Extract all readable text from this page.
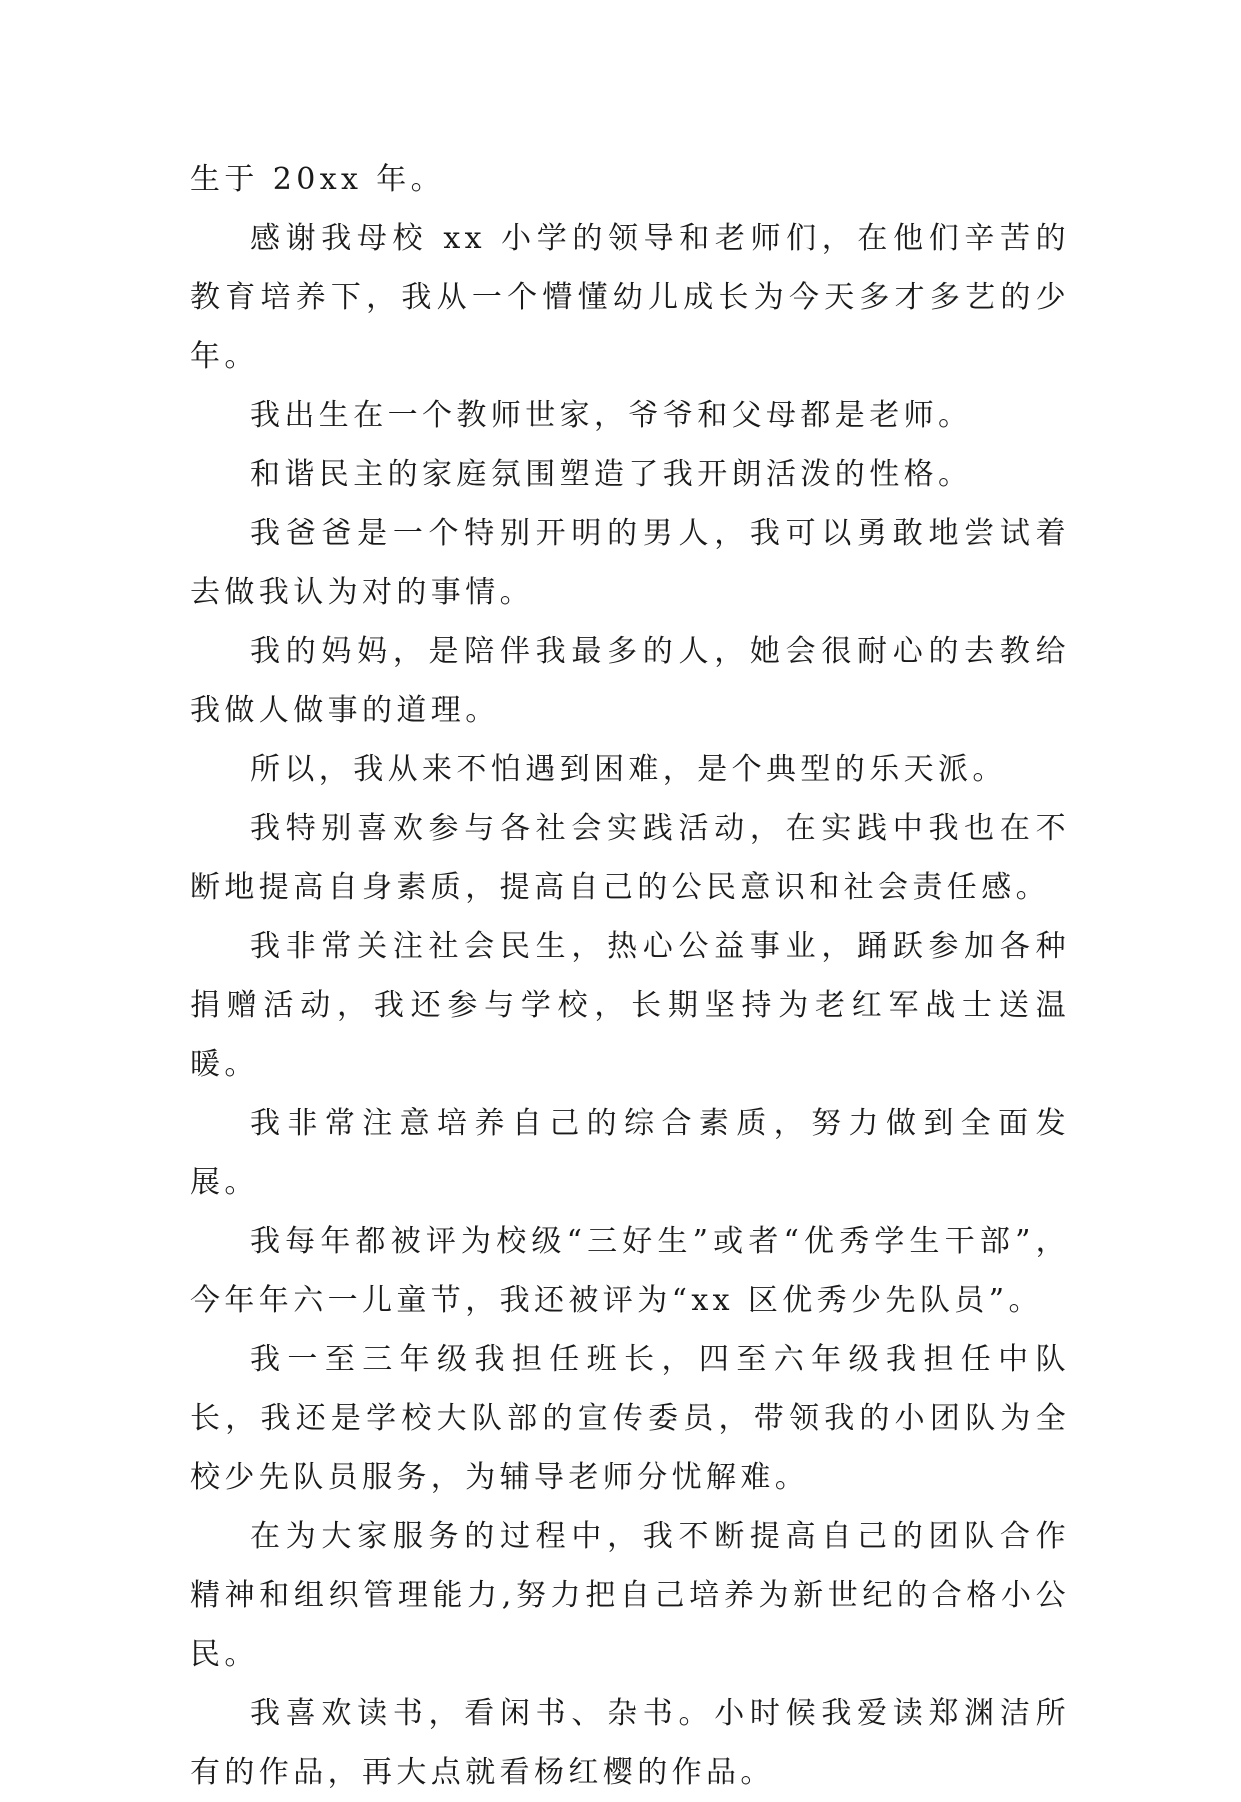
生于 20xx 年。

感谢我母校 xx 小学的领导和老师们，在他们辛苦的教育培养下，我从一个懵懂幼儿成长为今天多才多艺的少年。

我出生在一个教师世家，爷爷和父母都是老师。

和谐民主的家庭氛围塑造了我开朗活泼的性格。

我爸爸是一个特别开明的男人，我可以勇敢地尝试着去做我认为对的事情。

我的妈妈，是陪伴我最多的人，她会很耐心的去教给我做人做事的道理。

所以，我从来不怕遇到困难，是个典型的乐天派。

我特别喜欢参与各社会实践活动，在实践中我也在不断地提高自身素质，提高自己的公民意识和社会责任感。

我非常关注社会民生，热心公益事业，踊跃参加各种捐赠活动，我还参与学校，长期坚持为老红军战士送温暖。

我非常注意培养自己的综合素质，努力做到全面发展。

我每年都被评为校级“三好生”或者“优秀学生干部”，今年年六一儿童节，我还被评为“xx 区优秀少先队员”。

我一至三年级我担任班长，四至六年级我担任中队长，我还是学校大队部的宣传委员，带领我的小团队为全校少先队员服务，为辅导老师分忧解难。

在为大家服务的过程中，我不断提高自己的团队合作精神和组织管理能力,努力把自己培养为新世纪的合格小公民。

我喜欢读书，看闲书、杂书。小时候我爱读郑渊洁所有的作品，再大点就看杨红樱的作品。
